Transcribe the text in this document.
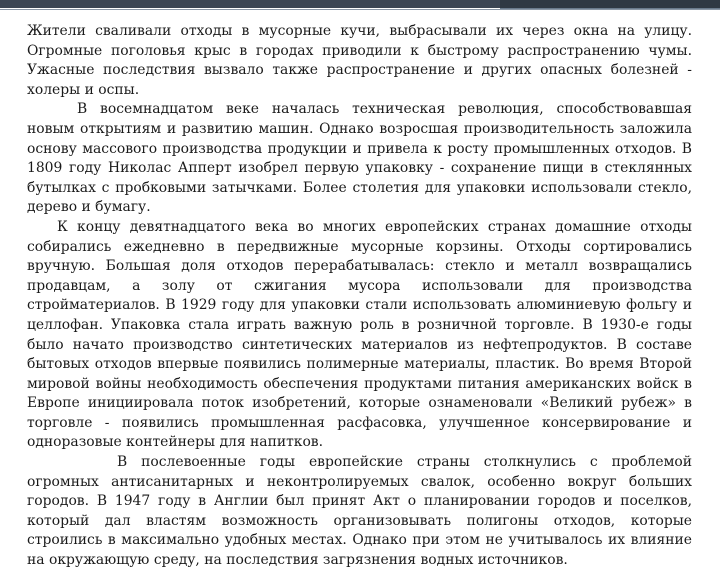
Жители сваливали отходы в мусорные кучи, выбрасывали их через окна на улицу. Огромные поголовья крыс в городах приводили к быстрому распространению чумы. Ужасные последствия вызвало также распространение и других опасных болезней - холеры и оспы.

В восемнадцатом веке началась техническая революция, способствовавшая новым открытиям и развитию машин. Однако возросшая производительность заложила основу массового производства продукции и привела к росту промышленных отходов. В 1809 году Николас Апперт изобрел первую упаковку - сохранение пищи в стеклянных бутылках с пробковыми затычками. Более столетия для упаковки использовали стекло, дерево и бумагу.

К концу девятнадцатого века во многих европейских странах домашние отходы собирались ежедневно в передвижные мусорные корзины. Отходы сортировались вручную. Большая доля отходов перерабатывалась: стекло и металл возвращались продавцам, а золу от сжигания мусора использовали для производства стройматериалов. В 1929 году для упаковки стали использовать алюминиевую фольгу и целлофан. Упаковка стала играть важную роль в розничной торговле. В 1930-е годы было начато производство синтетических материалов из нефтепродуктов. В составе бытовых отходов впервые появились полимерные материалы, пластик. Во время Второй мировой войны необходимость обеспечения продуктами питания американских войск в Европе инициировала поток изобретений, которые ознаменовали «Великий рубеж» в торговле - появились промышленная расфасовка, улучшенное консервирование и одноразовые контейнеры для напитков.

В послевоенные годы европейские страны столкнулись с проблемой огромных антисанитарных и неконтролируемых свалок, особенно вокруг больших городов. В 1947 году в Англии был принят Акт о планировании городов и поселков, который дал властям возможность организовывать полигоны отходов, которые строились в максимально удобных местах. Однако при этом не учитывалось их влияние на окружающую среду, на последствия загрязнения водных источников.
